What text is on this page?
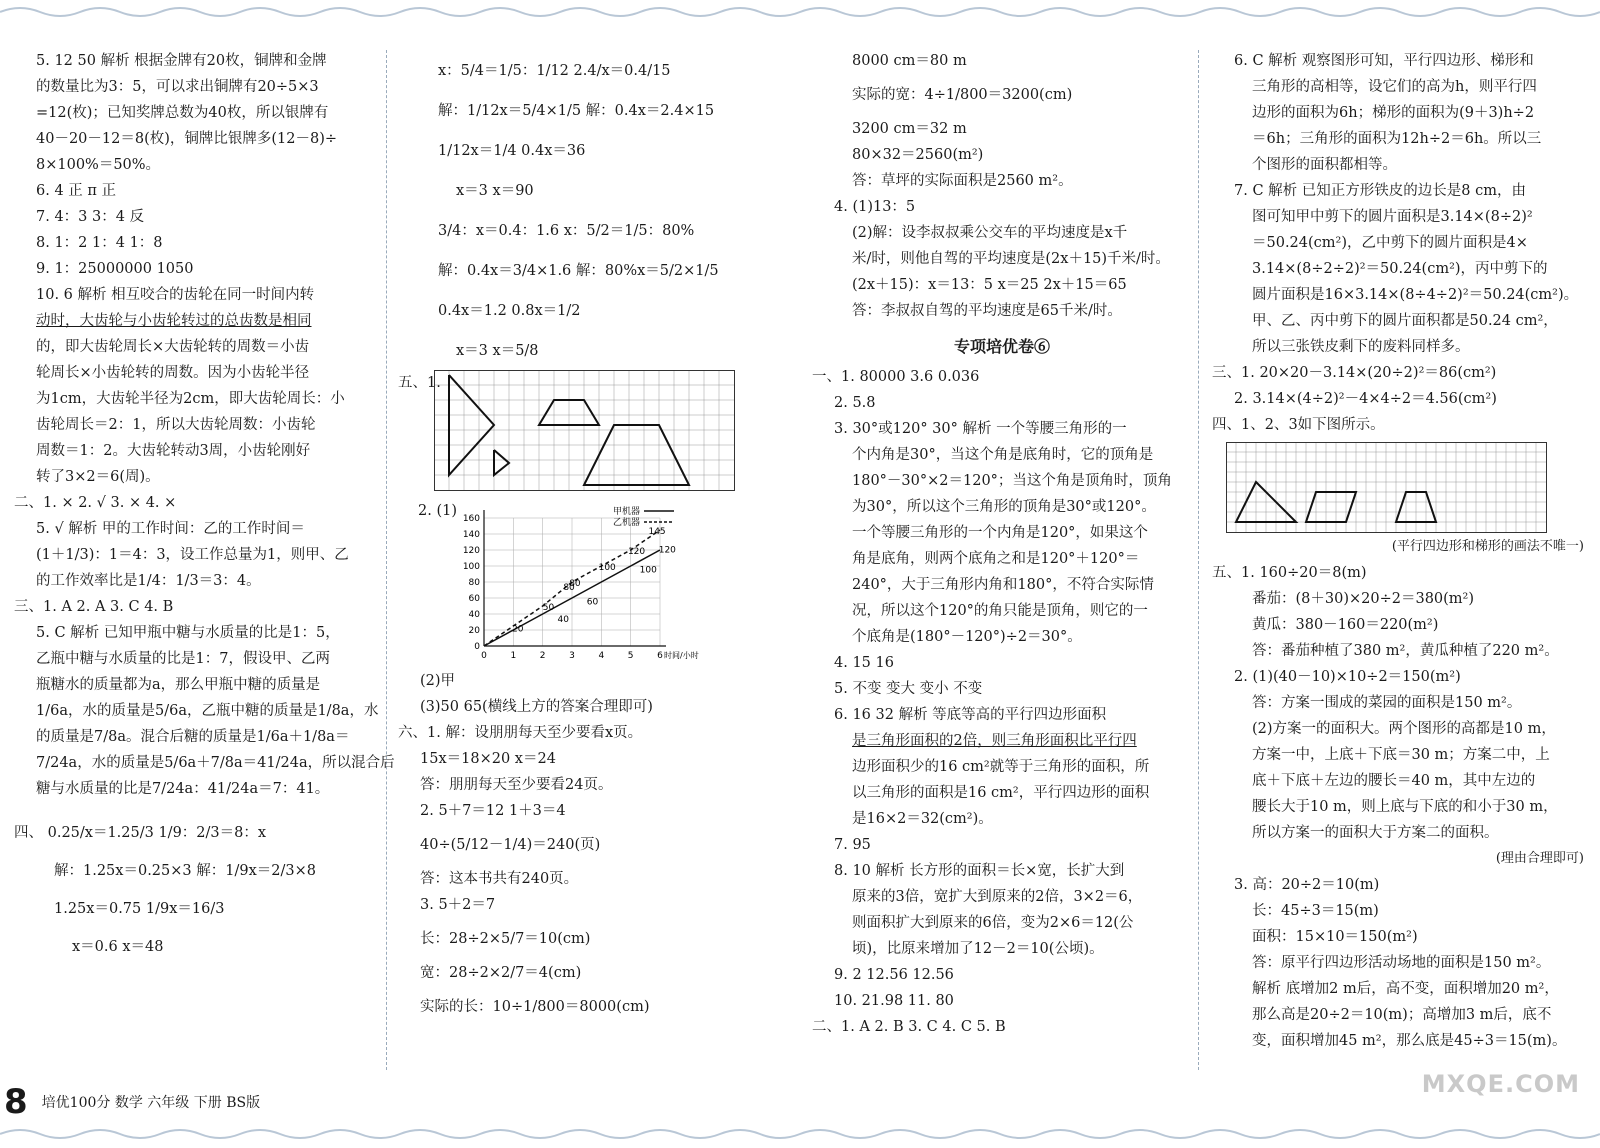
5. 12 50 解析 根据金牌有20枚，铜牌和金牌
的数量比为3：5，可以求出铜牌有20÷5×3
=12(枚)；已知奖牌总数为40枚，所以银牌有
40－20－12＝8(枚)，铜牌比银牌多(12－8)÷
8×100%＝50%。
6. 4 正 π 正
7. 4：3 3：4 反
8. 1：2 1：4 1：8
9. 1：25000000 1050
10. 6 解析 相互咬合的齿轮在同一时间内转
动时，大齿轮与小齿轮转过的总齿数是相同
的，即大齿轮周长×大齿轮转的周数＝小齿
轮周长×小齿轮转的周数。因为小齿轮半径
为1cm，大齿轮半径为2cm，即大齿轮周长：小
齿轮周长＝2：1，所以大齿轮周数：小齿轮
周数＝1：2。大齿轮转动3周，小齿轮刚好
转了3×2＝6(周)。
二、1. × 2. √ 3. × 4. ×
5. √ 解析 甲的工作时间：乙的工作时间＝
(1＋1/3)：1＝4：3，设工作总量为1，则甲、乙
的工作效率比是1/4：1/3＝3：4。
三、1. A 2. A 3. C 4. B
5. C 解析 已知甲瓶中糖与水质量的比是1：5，
乙瓶中糖与水质量的比是1：7，假设甲、乙两
瓶糖水的质量都为a，那么甲瓶中糖的质量是
1/6a，水的质量是5/6a，乙瓶中糖的质量是1/8a，水
的质量是7/8a。混合后糖的质量是1/6a＋1/8a＝
7/24a，水的质量是5/6a＋7/8a＝41/24a，所以混合后
糖与水质量的比是7/24a：41/24a＝7：41。
四、 0.25/x＝1.25/3 1/9：2/3＝8：x
解：1.25x＝0.25×3 解：1/9x＝2/3×8
1.25x＝0.75 1/9x＝16/3
x＝0.6 x＝48
x：5/4＝1/5：1/12 2.4/x＝0.4/15
解：1/12x＝5/4×1/5 解：0.4x＝2.4×15
1/12x＝1/4 0.4x＝36
x＝3 x＝90
3/4：x＝0.4：1.6 x：5/2＝1/5：80%
解：0.4x＝3/4×1.6 解：80%x＝5/2×1/5
0.4x＝1.2 0.8x＝1/2
x＝3 x＝5/8
五、1.
2. (1)
0
20
40
60
80
100
120
140
160
0	1	2	3	4	5	6 时间/小时
甲机器
乙机器
20
50
40
80
60
100
80
120
100
145
120
(2)甲
(3)50 65(横线上方的答案合理即可)
六、1. 解：设朋朋每天至少要看x页。
15x＝18×20 x＝24
答：朋朋每天至少要看24页。
2. 5＋7＝12 1＋3＝4
40÷(5/12－1/4)＝240(页)
答：这本书共有240页。
3. 5＋2＝7
长：28÷2×5/7＝10(cm)
宽：28÷2×2/7＝4(cm)
实际的长：10÷1/800＝8000(cm)
8000 cm＝80 m
实际的宽：4÷1/800＝3200(cm)
3200 cm＝32 m
80×32＝2560(m²)
答：草坪的实际面积是2560 m²。
4. (1)13：5
(2)解：设李叔叔乘公交车的平均速度是x千
米/时，则他自驾的平均速度是(2x＋15)千米/时。
(2x＋15)：x＝13：5 x＝25 2x＋15＝65
答：李叔叔自驾的平均速度是65千米/时。
专项培优卷⑥
一、1. 80000 3.6 0.036
2. 5.8
3. 30°或120° 30° 解析 一个等腰三角形的一
个内角是30°，当这个角是底角时，它的顶角是
180°－30°×2＝120°；当这个角是顶角时，顶角
为30°，所以这个三角形的顶角是30°或120°。
一个等腰三角形的一个内角是120°，如果这个
角是底角，则两个底角之和是120°＋120°＝
240°，大于三角形内角和180°，不符合实际情
况，所以这个120°的角只能是顶角，则它的一
个底角是(180°－120°)÷2＝30°。
4. 15 16
5. 不变 变大 变小 不变
6. 16 32 解析 等底等高的平行四边形面积
是三角形面积的2倍，则三角形面积比平行四
边形面积少的16 cm²就等于三角形的面积，所
以三角形的面积是16 cm²，平行四边形的面积
是16×2＝32(cm²)。
7. 95
8. 10 解析 长方形的面积＝长×宽，长扩大到
原来的3倍，宽扩大到原来的2倍，3×2＝6，
则面积扩大到原来的6倍，变为2×6＝12(公
顷)，比原来增加了12－2＝10(公顷)。
9. 2 12.56 12.56
10. 21.98 11. 80
二、1. A 2. B 3. C 4. C 5. B
6. C 解析 观察图形可知，平行四边形、梯形和
三角形的高相等，设它们的高为h，则平行四
边形的面积为6h；梯形的面积为(9＋3)h÷2
＝6h；三角形的面积为12h÷2＝6h。所以三
个图形的面积都相等。
7. C 解析 已知正方形铁皮的边长是8 cm，由
图可知甲中剪下的圆片面积是3.14×(8÷2)²
＝50.24(cm²)，乙中剪下的圆片面积是4×
3.14×(8÷2÷2)²＝50.24(cm²)，丙中剪下的
圆片面积是16×3.14×(8÷4÷2)²＝50.24(cm²)。
甲、乙、丙中剪下的圆片面积都是50.24 cm²，
所以三张铁皮剩下的废料同样多。
三、1. 20×20－3.14×(20÷2)²＝86(cm²)
2. 3.14×(4÷2)²－4×4÷2＝4.56(cm²)
四、1、2、3如下图所示。
(平行四边形和梯形的画法不唯一)
五、1. 160÷20＝8(m)
番茄：(8＋30)×20÷2＝380(m²)
黄瓜：380－160＝220(m²)
答：番茄种植了380 m²，黄瓜种植了220 m²。
2. (1)(40－10)×10÷2＝150(m²)
答：方案一围成的菜园的面积是150 m²。
(2)方案一的面积大。两个图形的高都是10 m，
方案一中，上底＋下底＝30 m；方案二中，上
底＋下底＋左边的腰长＝40 m，其中左边的
腰长大于10 m，则上底与下底的和小于30 m，
所以方案一的面积大于方案二的面积。
(理由合理即可)
3. 高：20÷2＝10(m)
长：45÷3＝15(m)
面积：15×10＝150(m²)
答：原平行四边形活动场地的面积是150 m²。
解析 底增加2 m后，高不变，面积增加20 m²，
那么高是20÷2＝10(m)；高增加3 m后，底不
变，面积增加45 m²，那么底是45÷3＝15(m)。
8 培优100分 数学 六年级 下册 BS版
MXQE.COM
